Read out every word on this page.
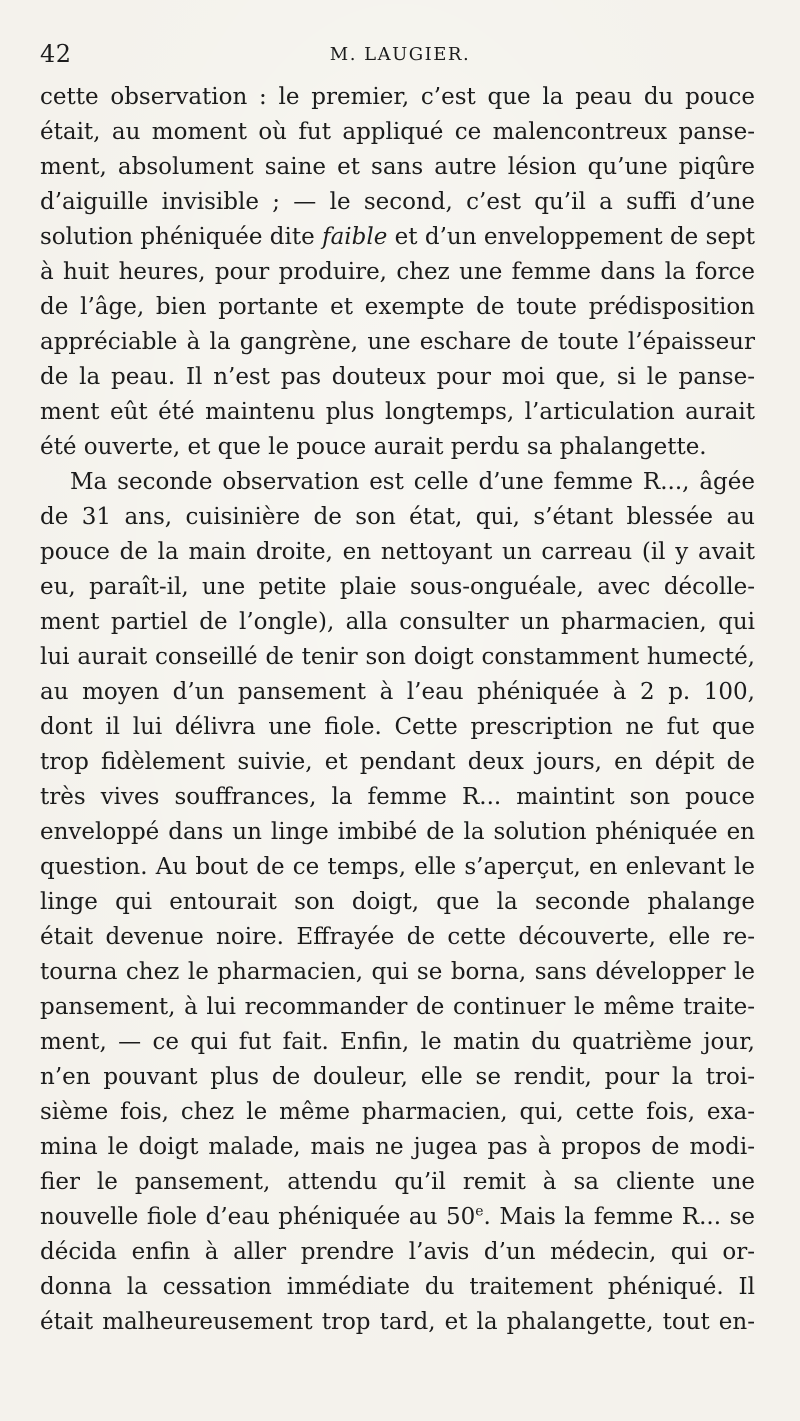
42	M. LAUGIER.
cette observation : le premier, c’est que la peau du pouce
était, au moment où fut appliqué ce malencontreux panse-
ment, absolument saine et sans autre lésion qu’une piqûre
d’aiguille invisible ; — le second, c’est qu’il a suffi d’une
solution phéniquée dite faible et d’un enveloppement de sept
à huit heures, pour produire, chez une femme dans la force
de l’âge, bien portante et exempte de toute prédisposition
appréciable à la gangrène, une eschare de toute l’épaisseur
de la peau. Il n’est pas douteux pour moi que, si le panse-
ment eût été maintenu plus longtemps, l’articulation aurait
été ouverte, et que le pouce aurait perdu sa phalangette.
Ma seconde observation est celle d’une femme R..., âgée
de 31 ans, cuisinière de son état, qui, s’étant blessée au
pouce de la main droite, en nettoyant un carreau (il y avait
eu, paraît-il, une petite plaie sous-onguéale, avec décolle-
ment partiel de l’ongle), alla consulter un pharmacien, qui
lui aurait conseillé de tenir son doigt constamment humecté,
au moyen d’un pansement à l’eau phéniquée à 2 p. 100,
dont il lui délivra une fiole. Cette prescription ne fut que
trop fidèlement suivie, et pendant deux jours, en dépit de
très vives souffrances, la femme R... maintint son pouce
enveloppé dans un linge imbibé de la solution phéniquée en
question. Au bout de ce temps, elle s’aperçut, en enlevant le
linge qui entourait son doigt, que la seconde phalange
était devenue noire. Effrayée de cette découverte, elle re-
tourna chez le pharmacien, qui se borna, sans développer le
pansement, à lui recommander de continuer le même traite-
ment, — ce qui fut fait. Enfin, le matin du quatrième jour,
n’en pouvant plus de douleur, elle se rendit, pour la troi-
sième fois, chez le même pharmacien, qui, cette fois, exa-
mina le doigt malade, mais ne jugea pas à propos de modi-
fier le pansement, attendu qu’il remit à sa cliente une
nouvelle fiole d’eau phéniquée au 50e. Mais la femme R... se
décida enfin à aller prendre l’avis d’un médecin, qui or-
donna la cessation immédiate du traitement phéniqué. Il
était malheureusement trop tard, et la phalangette, tout en-
